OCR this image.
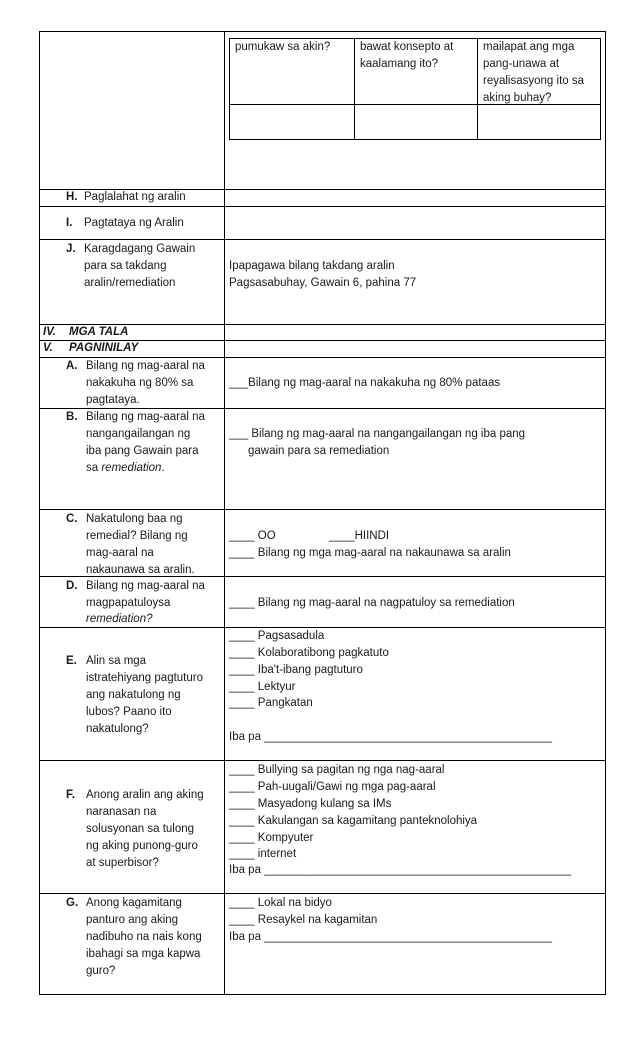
pumukaw sa akin?	bawat konsepto at
kaalamang ito?
mailapat ang mga
pang-unawa at
reyalisasyong ito sa
aking buhay?
H. Paglalahat ng aralin
I. Pagtataya ng Aralin
J. Karagdagang Gawain
para sa takdang
aralin/remediation
Ipapagawa bilang takdang aralin
Pagsasabuhay, Gawain 6, pahina 77
IV. MGA TALA
V. PAGNINILAY
A. Bilang ng mag-aaral na
nakakuha ng 80% sa
pagtataya.
___Bilang ng mag-aaral na nakakuha ng 80% pataas
B. Bilang ng mag-aaral na
nangangailangan ng
iba pang Gawain para
sa remediation.
___ Bilang ng mag-aaral na nangangailangan ng iba pang
gawain para sa remediation
C. Nakatulong baa ng
remedial? Bilang ng
mag-aaral na
nakaunawa sa aralin.
____ OO	____HIINDI
____ Bilang ng mga mag-aaral na nakaunawa sa aralin
D. Bilang ng mag-aaral na
magpapatuloysa
remediation?
____ Bilang ng mag-aaral na nagpatuloy sa remediation
E. Alin sa mga
istratehiyang pagtuturo
ang nakatulong ng
lubos? Paano ito
nakatulong?
____ Pagsasadula
____ Kolaboratibong pagkatuto
____ Iba't-ibang pagtuturo
____ Lektyur
____ Pangkatan
Iba pa _____________________________________________
F. Anong aralin ang aking
naranasan na
solusyonan sa tulong
ng aking punong-guro
at superbisor?
____ Bullying sa pagitan ng nga nag-aaral
____ Pah-uugali/Gawi ng mga pag-aaral
____ Masyadong kulang sa IMs
____ Kakulangan sa kagamitang panteknolohiya
____ Kompyuter
____ internet
Iba pa ________________________________________________
G. Anong kagamitang
panturo ang aking
nadibuho na nais kong
ibahagi sa mga kapwa
guro?
____ Lokal na bidyo
____ Resaykel na kagamitan
Iba pa _____________________________________________
